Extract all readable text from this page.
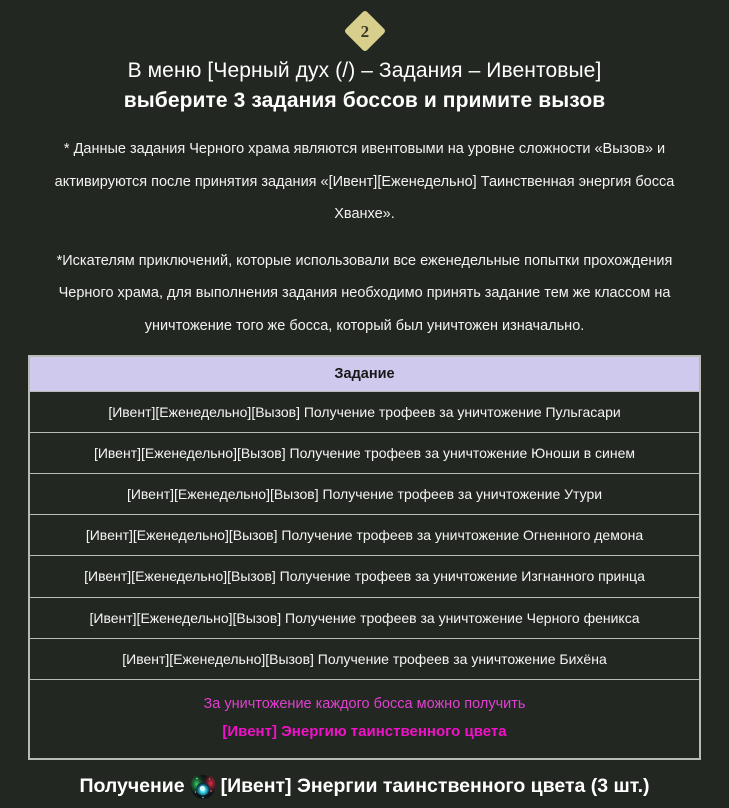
2
В меню [Черный дух (/) – Задания – Ивентовые]
выберите 3 задания боссов и примите вызов

* Данные задания Черного храма являются ивентовыми на уровне сложности «Вызов» и активируются после принятия задания «[Ивент][Еженедельно] Таинственная энергия босса Хванхе».

*Искателям приключений, которые использовали все еженедельные попытки прохождения Черного храма, для выполнения задания необходимо принять задание тем же классом на уничтожение того же босса, который был уничтожен изначально.

Задание
[Ивент][Еженедельно][Вызов] Получение трофеев за уничтожение Пульгасари
[Ивент][Еженедельно][Вызов] Получение трофеев за уничтожение Юноши в синем
[Ивент][Еженедельно][Вызов] Получение трофеев за уничтожение Утури
[Ивент][Еженедельно][Вызов] Получение трофеев за уничтожение Огненного демона
[Ивент][Еженедельно][Вызов] Получение трофеев за уничтожение Изгнанного принца
[Ивент][Еженедельно][Вызов] Получение трофеев за уничтожение Черного феникса
[Ивент][Еженедельно][Вызов] Получение трофеев за уничтожение Бихёна

За уничтожение каждого босса можно получить
[Ивент] Энергию таинственного цвета
Получение [Ивент] Энергии таинственного цвета (3 шт.)
